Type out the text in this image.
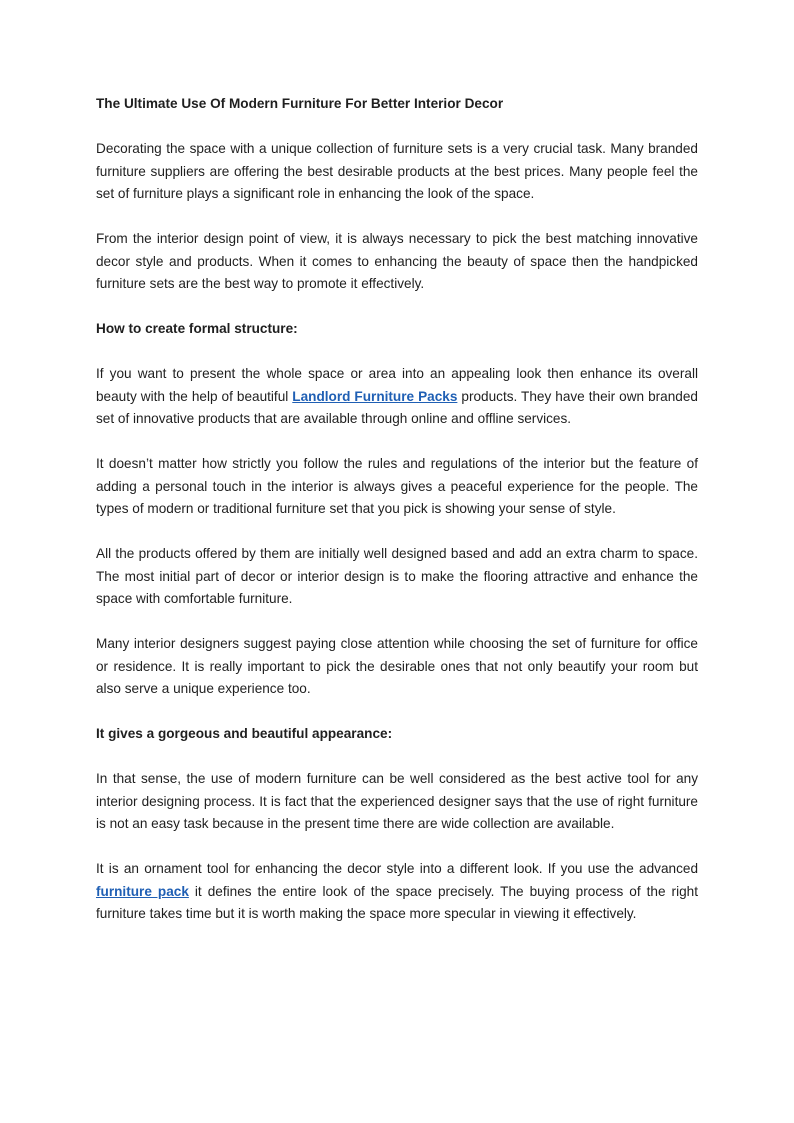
The Ultimate Use Of Modern Furniture For Better Interior Decor

Decorating the space with a unique collection of furniture sets is a very crucial task. Many branded furniture suppliers are offering the best desirable products at the best prices. Many people feel the set of furniture plays a significant role in enhancing the look of the space.

From the interior design point of view, it is always necessary to pick the best matching innovative decor style and products. When it comes to enhancing the beauty of space then the handpicked furniture sets are the best way to promote it effectively.

How to create formal structure:

If you want to present the whole space or area into an appealing look then enhance its overall beauty with the help of beautiful Landlord Furniture Packs products. They have their own branded set of innovative products that are available through online and offline services.

It doesn’t matter how strictly you follow the rules and regulations of the interior but the feature of adding a personal touch in the interior is always gives a peaceful experience for the people. The types of modern or traditional furniture set that you pick is showing your sense of style.

All the products offered by them are initially well designed based and add an extra charm to space. The most initial part of decor or interior design is to make the flooring attractive and enhance the space with comfortable furniture.

Many interior designers suggest paying close attention while choosing the set of furniture for office or residence. It is really important to pick the desirable ones that not only beautify your room but also serve a unique experience too.

It gives a gorgeous and beautiful appearance:

In that sense, the use of modern furniture can be well considered as the best active tool for any interior designing process. It is fact that the experienced designer says that the use of right furniture is not an easy task because in the present time there are wide collection are available.

It is an ornament tool for enhancing the decor style into a different look. If you use the advanced furniture pack it defines the entire look of the space precisely. The buying process of the right furniture takes time but it is worth making the space more specular in viewing it effectively.
